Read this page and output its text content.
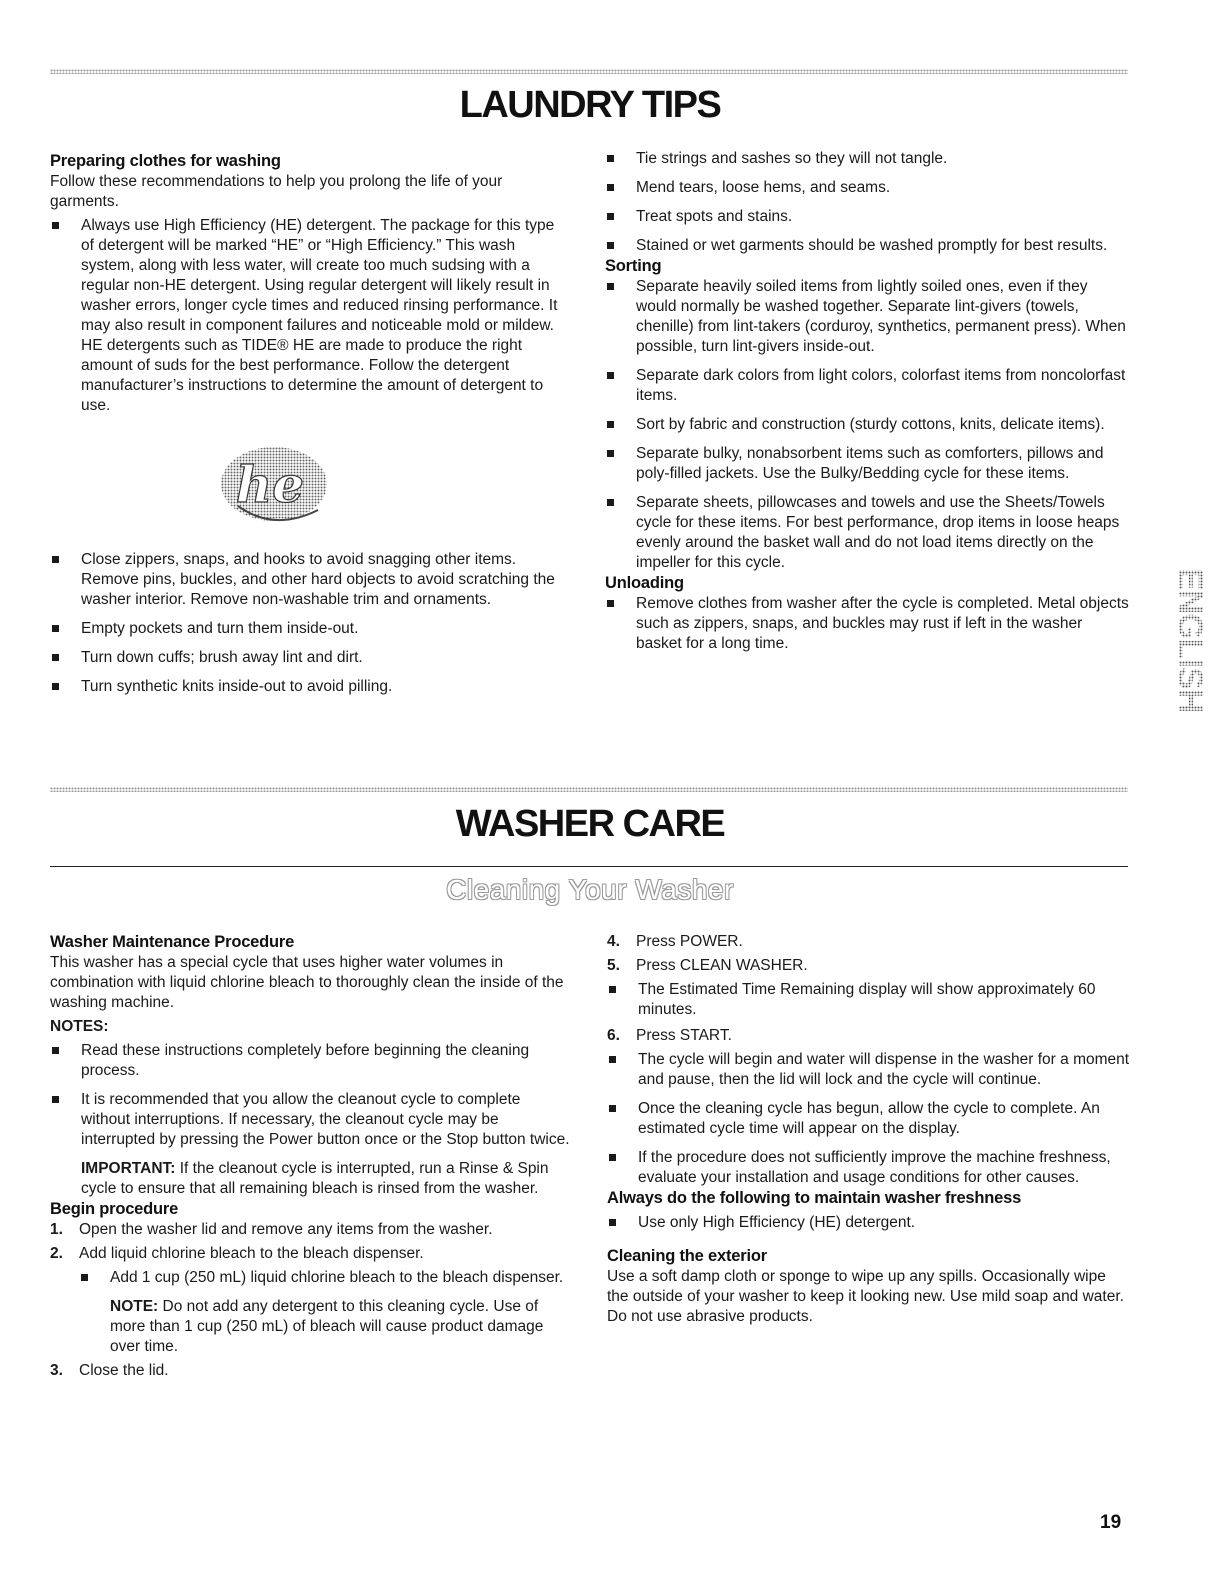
LAUNDRY TIPS
Preparing clothes for washing

Follow these recommendations to help you prolong the life of your garments.

Always use High Efficiency (HE) detergent. The package for this type of detergent will be marked “HE” or “High Efficiency.” This wash system, along with less water, will create too much sudsing with a regular non-HE detergent. Using regular detergent will likely result in washer errors, longer cycle times and reduced rinsing performance. It may also result in component failures and noticeable mold or mildew. HE detergents such as TIDE® HE are made to produce the right amount of suds for the best performance. Follow the detergent manufacturer’s instructions to determine the amount of detergent to use.

he

Close zippers, snaps, and hooks to avoid snagging other items. Remove pins, buckles, and other hard objects to avoid scratching the washer interior. Remove non-washable trim and ornaments.

Empty pockets and turn them inside-out.

Turn down cuffs; brush away lint and dirt.

Turn synthetic knits inside-out to avoid pilling.

Tie strings and sashes so they will not tangle.

Mend tears, loose hems, and seams.

Treat spots and stains.

Stained or wet garments should be washed promptly for best results.

Sorting

Separate heavily soiled items from lightly soiled ones, even if they would normally be washed together. Separate lint-givers (towels, chenille) from lint-takers (corduroy, synthetics, permanent press). When possible, turn lint-givers inside-out.

Separate dark colors from light colors, colorfast items from noncolorfast items.

Sort by fabric and construction (sturdy cottons, knits, delicate items).

Separate bulky, nonabsorbent items such as comforters, pillows and poly-filled jackets. Use the Bulky/Bedding cycle for these items.

Separate sheets, pillowcases and towels and use the Sheets/Towels cycle for these items. For best performance, drop items in loose heaps evenly around the basket wall and do not load items directly on the impeller for this cycle.

Unloading

Remove clothes from washer after the cycle is completed. Metal objects such as zippers, snaps, and buckles may rust if left in the washer basket for a long time.	ENGLISH
WASHER CARE
Cleaning Your Washer
Washer Maintenance Procedure

This washer has a special cycle that uses higher water volumes in combination with liquid chlorine bleach to thoroughly clean the inside of the washing machine.

NOTES:

Read these instructions completely before beginning the cleaning process.

It is recommended that you allow the cleanout cycle to complete without interruptions. If necessary, the cleanout cycle may be interrupted by pressing the Power button once or the Stop button twice.

IMPORTANT: If the cleanout cycle is interrupted, run a Rinse & Spin cycle to ensure that all remaining bleach is rinsed from the washer.

Begin procedure

1. Open the washer lid and remove any items from the washer.

2. Add liquid chlorine bleach to the bleach dispenser.

Add 1 cup (250 mL) liquid chlorine bleach to the bleach dispenser.

NOTE: Do not add any detergent to this cleaning cycle. Use of more than 1 cup (250 mL) of bleach will cause product damage over time.

3. Close the lid.

4. Press POWER.

5. Press CLEAN WASHER.

The Estimated Time Remaining display will show approximately 60 minutes.

6. Press START.

The cycle will begin and water will dispense in the washer for a moment and pause, then the lid will lock and the cycle will continue.

Once the cleaning cycle has begun, allow the cycle to complete. An estimated cycle time will appear on the display.

If the procedure does not sufficiently improve the machine freshness, evaluate your installation and usage conditions for other causes.

Always do the following to maintain washer freshness

Use only High Efficiency (HE) detergent.

Cleaning the exterior

Use a soft damp cloth or sponge to wipe up any spills. Occasionally wipe the outside of your washer to keep it looking new. Use mild soap and water. Do not use abrasive products.

19
